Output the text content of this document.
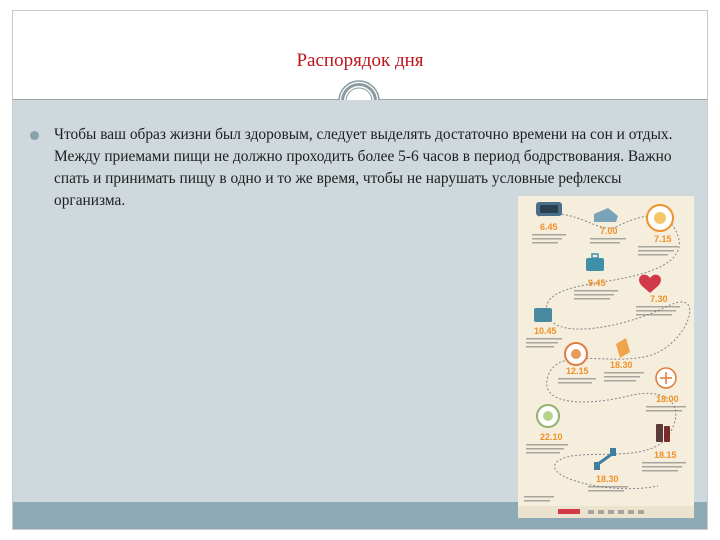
Распорядок дня
Чтобы ваш образ жизни был здоровым, следует выделять достаточно времени на сон и отдых. Между приемами пищи не должно проходить более 5-6 часов в период бодрствования. Важно спать и принимать пищу в одно и то же время, чтобы не нарушать условные рефлексы организма.
6.45	7.00
7.15
9.45
7.30
10.45
12.15
18.30
18.00
22.10
18.15
18.30
